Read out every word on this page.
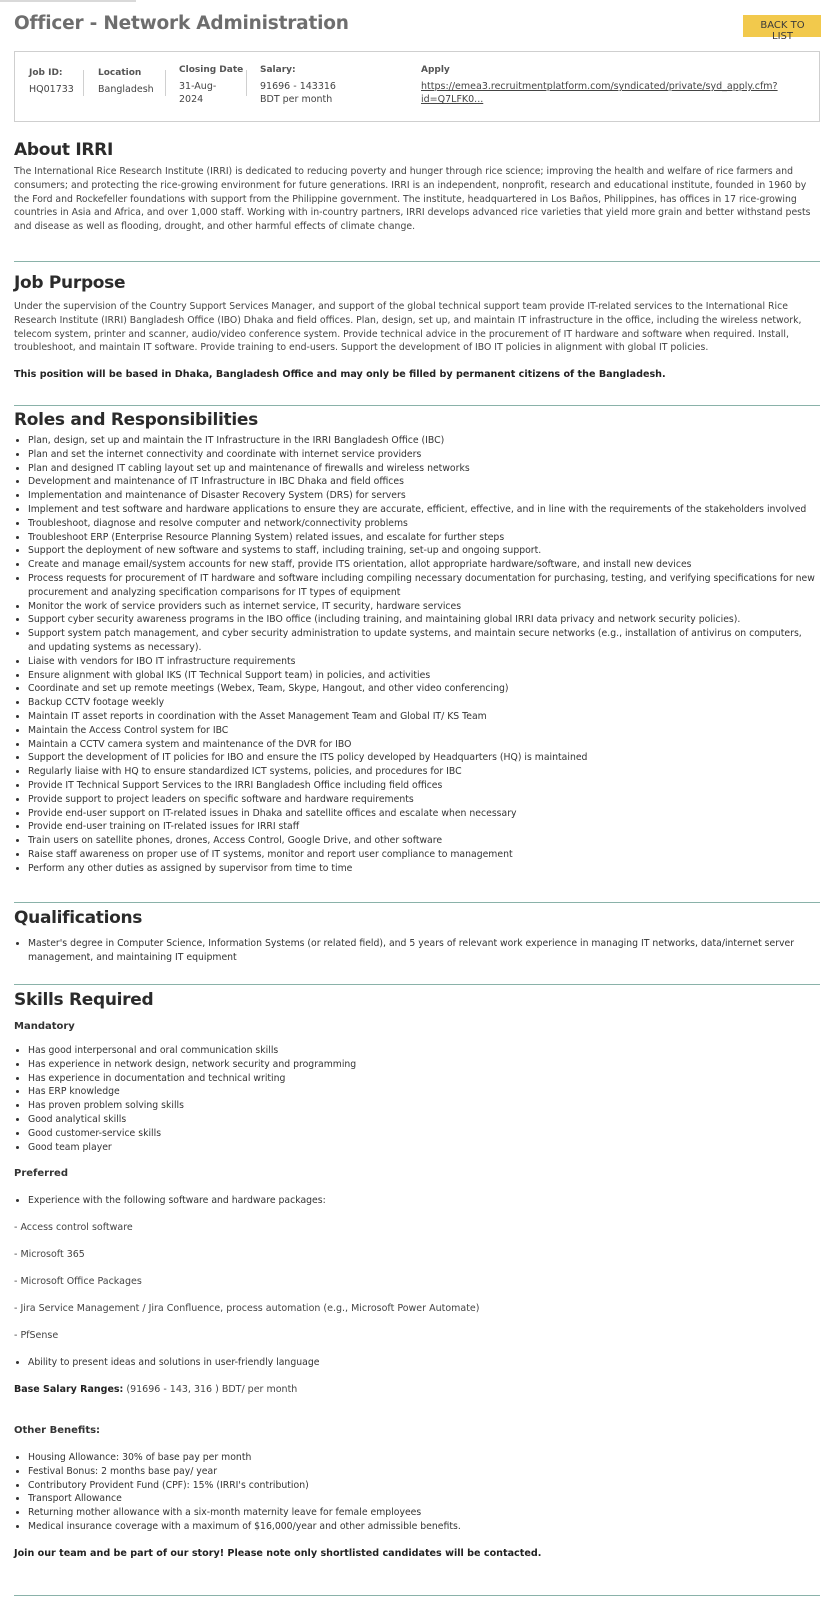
Officer - Network Administration	BACK TO LIST
Job ID:
HQ01733
Location
Bangladesh
Closing Date
31-Aug-
2024
Salary:
91696 - 143316
BDT per month
Apply
https://emea3.recruitmentplatform.com/syndicated/private/syd_apply.cfm?
id=Q7LFK0...
About IRRI

The International Rice Research Institute (IRRI) is dedicated to reducing poverty and hunger through rice science; improving the health and welfare of rice farmers and consumers; and protecting the rice-growing environment for future generations. IRRI is an independent, nonprofit, research and educational institute, founded in 1960 by the Ford and Rockefeller foundations with support from the Philippine government. The institute, headquartered in Los Baños, Philippines, has offices in 17 rice-growing countries in Asia and Africa, and over 1,000 staff. Working with in-country partners, IRRI develops advanced rice varieties that yield more grain and better withstand pests and disease as well as flooding, drought, and other harmful effects of climate change.

Job Purpose

Under the supervision of the Country Support Services Manager, and support of the global technical support team provide IT-related services to the International Rice Research Institute (IRRI) Bangladesh Office (IBO) Dhaka and field offices. Plan, design, set up, and maintain IT infrastructure in the office, including the wireless network, telecom system, printer and scanner, audio/video conference system. Provide technical advice in the procurement of IT hardware and software when required. Install, troubleshoot, and maintain IT software. Provide training to end-users. Support the development of IBO IT policies in alignment with global IT policies.

This position will be based in Dhaka, Bangladesh Office and may only be filled by permanent citizens of the Bangladesh.

Roles and Responsibilities
• Plan, design, set up and maintain the IT Infrastructure in the IRRI Bangladesh Office (IBC)
• Plan and set the internet connectivity and coordinate with internet service providers
• Plan and designed IT cabling layout set up and maintenance of firewalls and wireless networks
• Development and maintenance of IT Infrastructure in IBC Dhaka and field offices
• Implementation and maintenance of Disaster Recovery System (DRS) for servers
• Implement and test software and hardware applications to ensure they are accurate, efficient, effective, and in line with the requirements of the stakeholders involved
• Troubleshoot, diagnose and resolve computer and network/connectivity problems
• Troubleshoot ERP (Enterprise Resource Planning System) related issues, and escalate for further steps
• Support the deployment of new software and systems to staff, including training, set-up and ongoing support.
• Create and manage email/system accounts for new staff, provide ITS orientation, allot appropriate hardware/software, and install new devices
• Process requests for procurement of IT hardware and software including compiling necessary documentation for purchasing, testing, and verifying specifications for new procurement and analyzing specification comparisons for IT types of equipment
• Monitor the work of service providers such as internet service, IT security, hardware services
• Support cyber security awareness programs in the IBO office (including training, and maintaining global IRRI data privacy and network security policies).
• Support system patch management, and cyber security administration to update systems, and maintain secure networks (e.g., installation of antivirus on computers, and updating systems as necessary).
• Liaise with vendors for IBO IT infrastructure requirements
• Ensure alignment with global IKS (IT Technical Support team) in policies, and activities
• Coordinate and set up remote meetings (Webex, Team, Skype, Hangout, and other video conferencing)
• Backup CCTV footage weekly
• Maintain IT asset reports in coordination with the Asset Management Team and Global IT/ KS Team
• Maintain the Access Control system for IBC
• Maintain a CCTV camera system and maintenance of the DVR for IBO
• Support the development of IT policies for IBO and ensure the ITS policy developed by Headquarters (HQ) is maintained
• Regularly liaise with HQ to ensure standardized ICT systems, policies, and procedures for IBC
• Provide IT Technical Support Services to the IRRI Bangladesh Office including field offices
• Provide support to project leaders on specific software and hardware requirements
• Provide end-user support on IT-related issues in Dhaka and satellite offices and escalate when necessary
• Provide end-user training on IT-related issues for IRRI staff
• Train users on satellite phones, drones, Access Control, Google Drive, and other software
• Raise staff awareness on proper use of IT systems, monitor and report user compliance to management
• Perform any other duties as assigned by supervisor from time to time
Qualifications
• Master's degree in Computer Science, Information Systems (or related field), and 5 years of relevant work experience in managing IT networks, data/internet server management, and maintaining IT equipment
Skills Required
Mandatory
• Has good interpersonal and oral communication skills
• Has experience in network design, network security and programming
• Has experience in documentation and technical writing
• Has ERP knowledge
• Has proven problem solving skills
• Good analytical skills
• Good customer-service skills
• Good team player
Preferred
• Experience with the following software and hardware packages:
- Access control software
- Microsoft 365
- Microsoft Office Packages
- Jira Service Management / Jira Confluence, process automation (e.g., Microsoft Power Automate)
- PfSense
• Ability to present ideas and solutions in user-friendly language
Base Salary Ranges: (91696 - 143, 316 ) BDT/ per month
Other Benefits:
• Housing Allowance: 30% of base pay per month
• Festival Bonus: 2 months base pay/ year
• Contributory Provident Fund (CPF): 15% (IRRI's contribution)
• Transport Allowance
• Returning mother allowance with a six-month maternity leave for female employees
• Medical insurance coverage with a maximum of $16,000/year and other admissible benefits.

Join our team and be part of our story! Please note only shortlisted candidates will be contacted.
